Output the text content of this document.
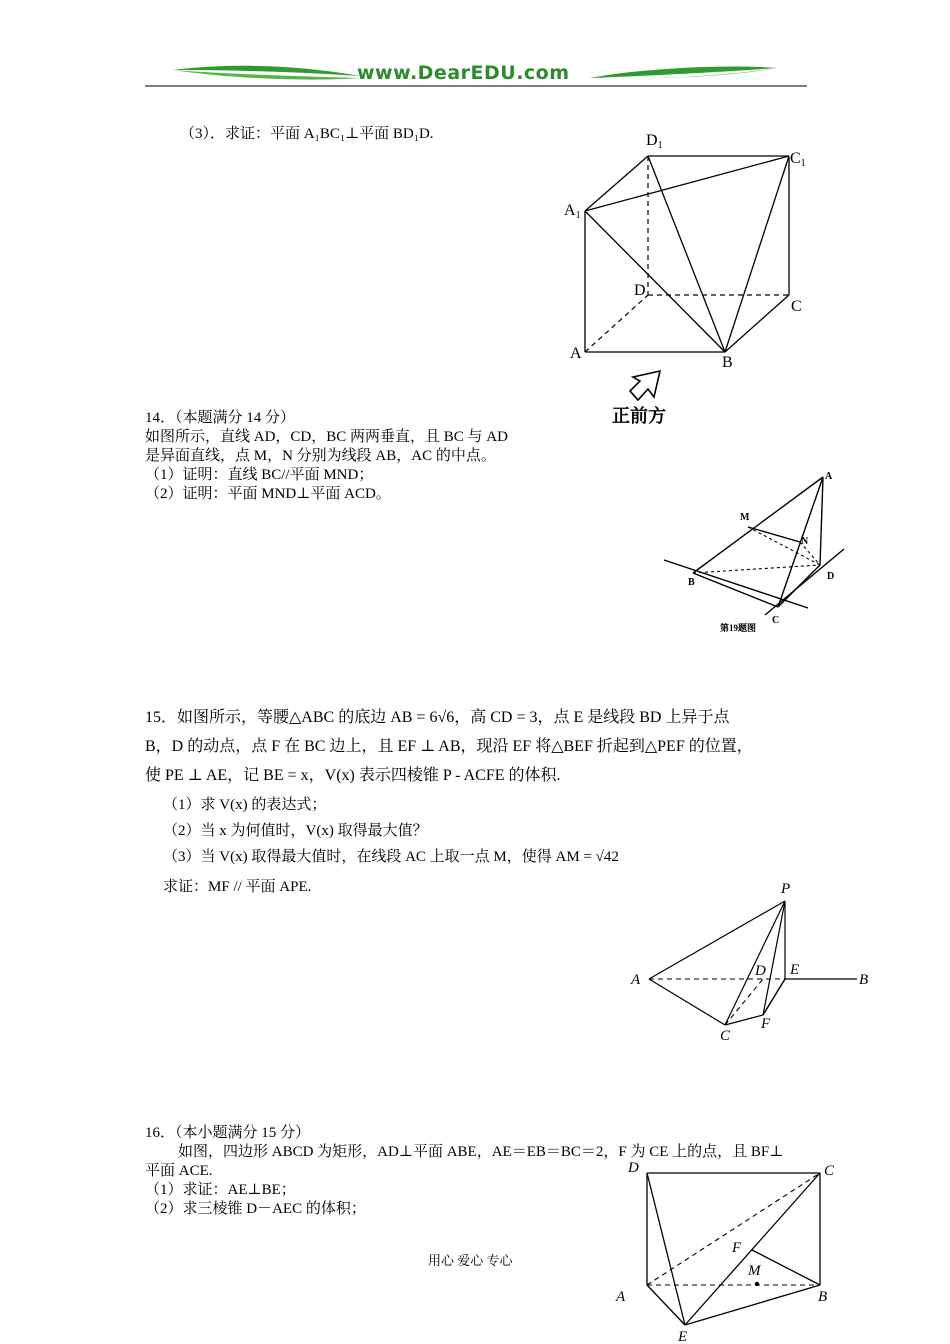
www.DearEDU.com
（3）．求证：平面 A₁BC₁⊥平面 BD₁D.	D1
C1
A1
D
C
A
B
正前方
14．（本题满分 14 分）
如图所示，直线 AD，CD，BC 两两垂直，且 BC 与 AD
是异面直线，点 M，N 分别为线段 AB，AC 的中点。
（1）证明：直线 BC//平面 MND；
（2）证明：平面 MND⊥平面 ACD。
A
M
N
B
D
C
第19题图
15．如图所示，等腰△ABC 的底边 AB = 6√6，高 CD = 3，点 E 是线段 BD 上异于点
B，D 的动点，点 F 在 BC 边上，且 EF ⊥ AB，现沿 EF 将△BEF 折起到△PEF 的位置，
使 PE ⊥ AE，记 BE = x，V(x) 表示四棱锥 P - ACFE 的体积.
（1）求 V(x) 的表达式；
（2）当 x 为何值时，V(x) 取得最大值？
（3）当 V(x) 取得最大值时，在线段 AC 上取一点 M，使得 AM = √42
求证：MF // 平面 APE.	P
A
D E
B
C
F
16．（本小题满分 15 分）
如图，四边形 ABCD 为矩形，AD⊥平面 ABE，AE＝EB＝BC＝2，F 为 CE 上的点，且 BF⊥
平面 ACE.
（1）求证：AE⊥BE；
（2）求三棱锥 D－AEC 的体积；
D	C
F
M
A	B
E
用心 爱心 专心
